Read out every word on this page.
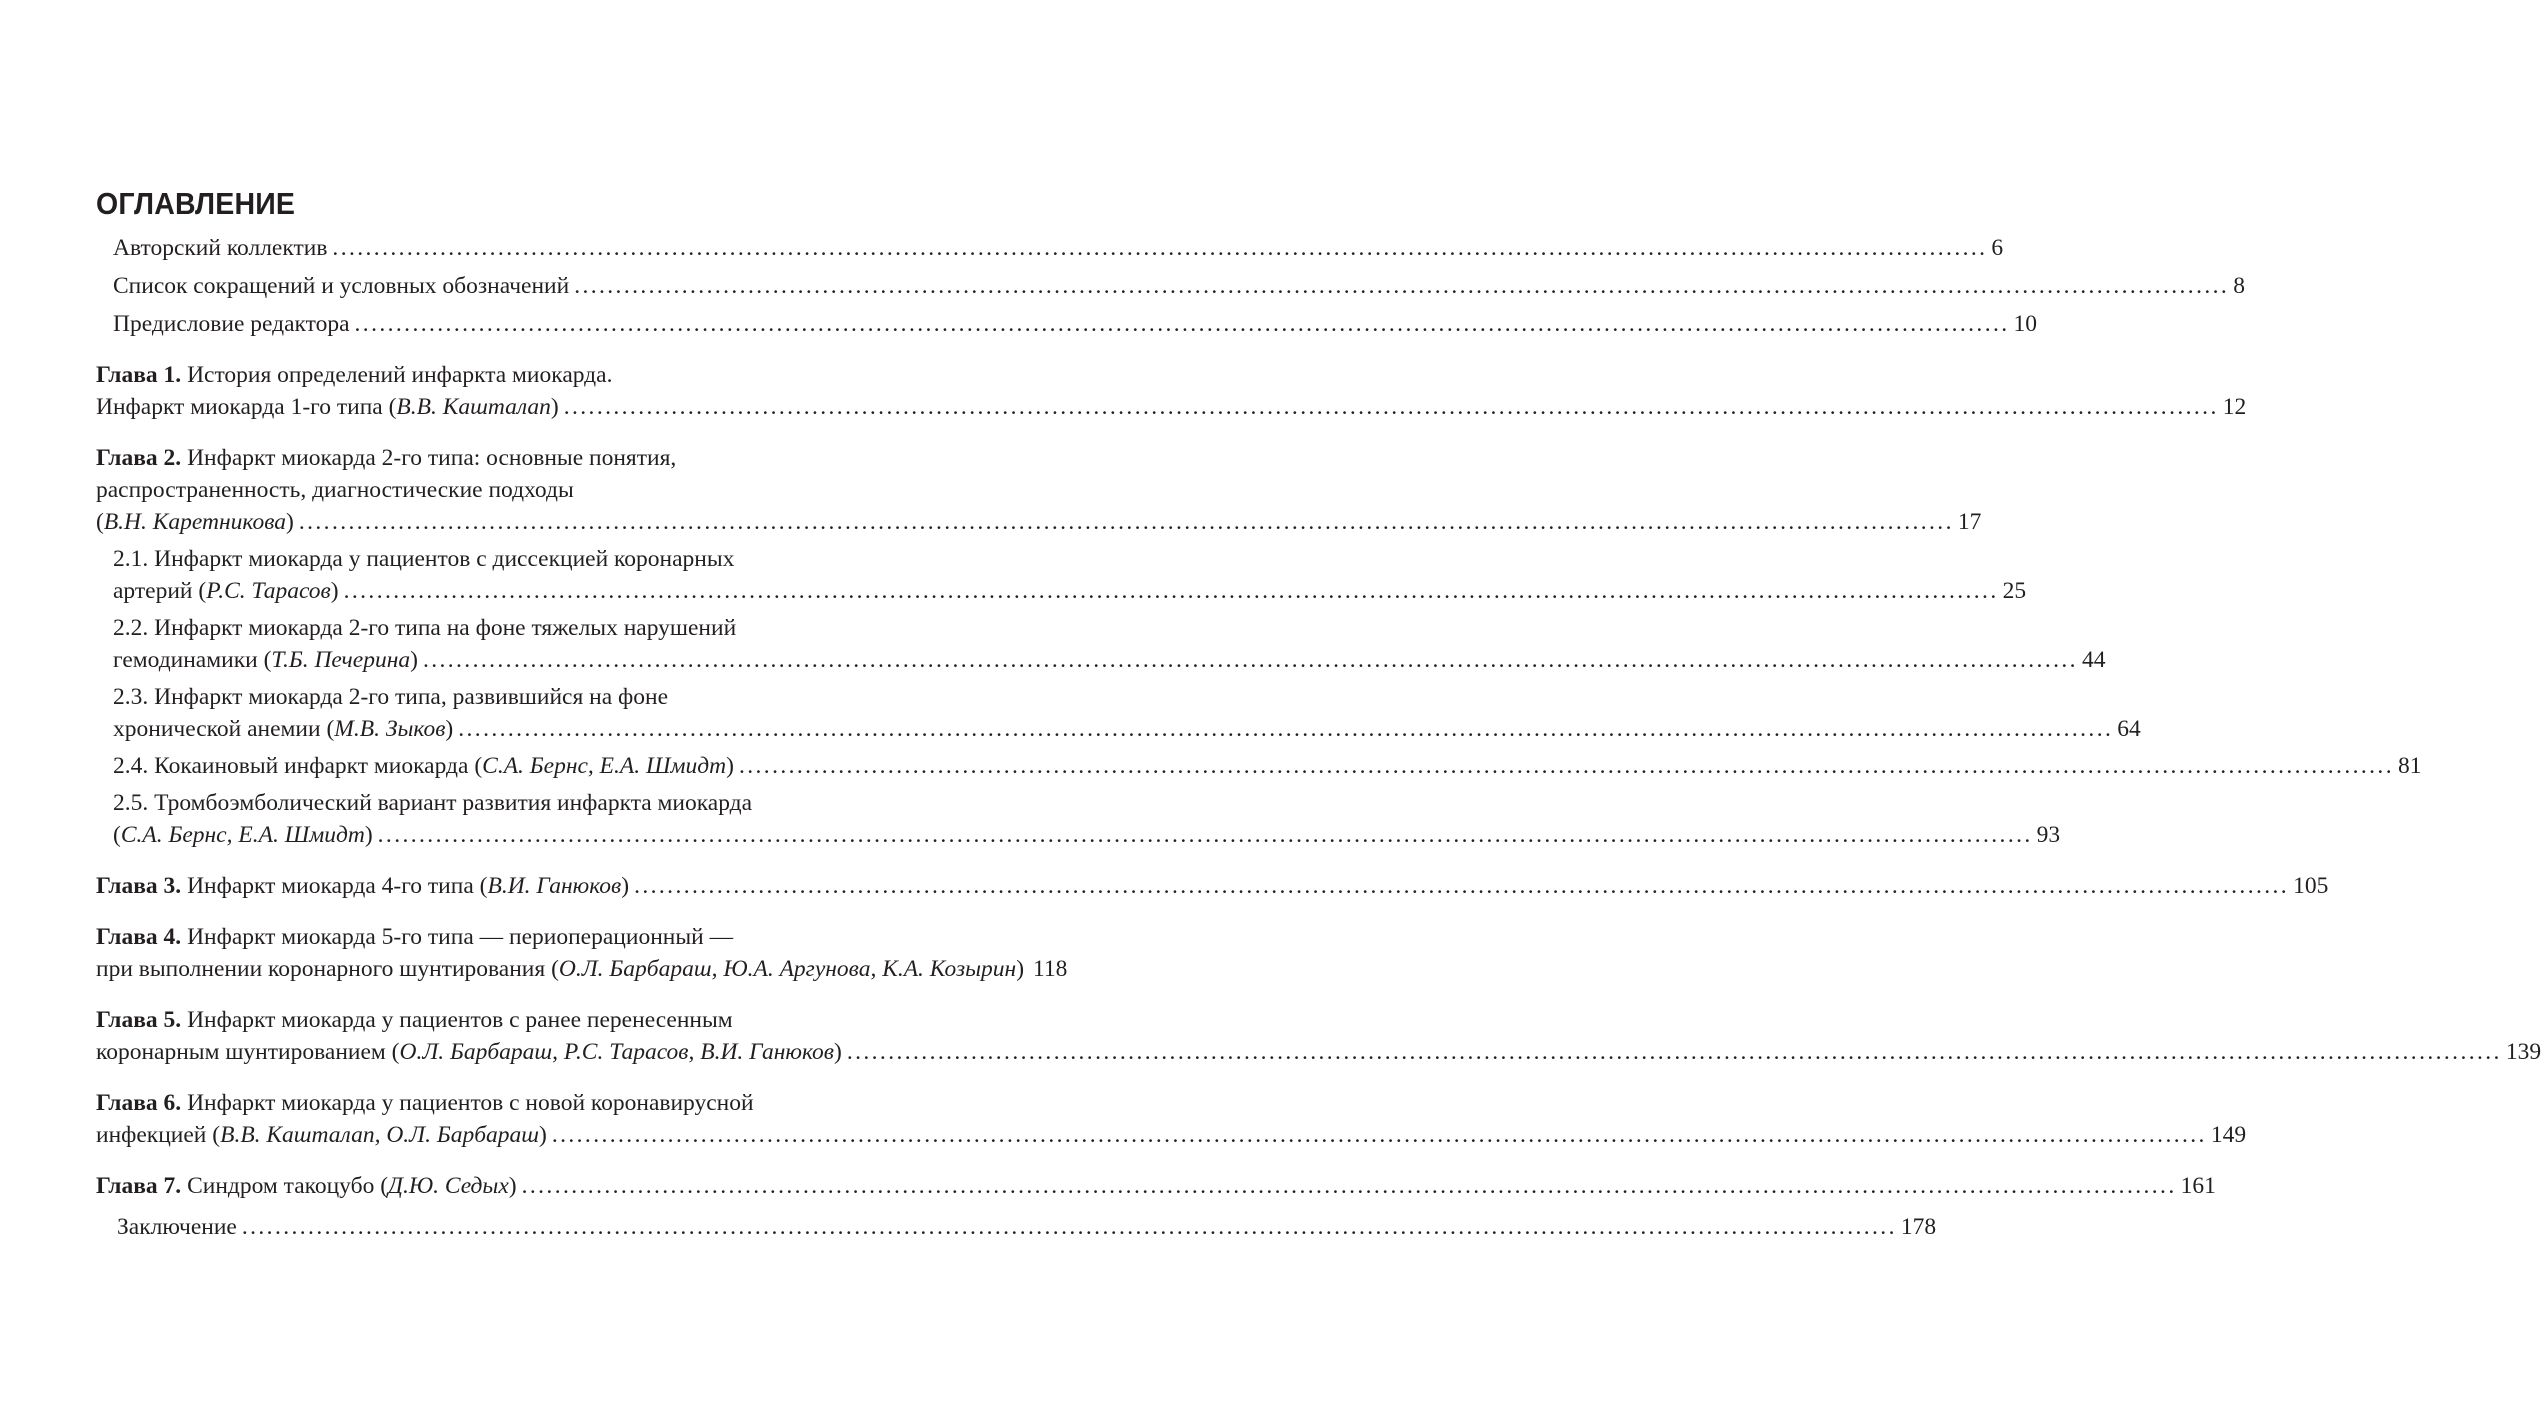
ОГЛАВЛЕНИЕ
Авторский коллектив ........................................................................................................................................................................................................ 6
Список сокращений и условных обозначений ........................................................................................................................................................................................................ 8
Предисловие редактора ........................................................................................................................................................................................................ 10
Глава 1. История определений инфаркта миокарда.
Инфаркт миокарда 1-го типа (В.В. Кашталап) ........................................................................................................................................................................................................ 12
Глава 2. Инфаркт миокарда 2-го типа: основные понятия,
распространенность, диагностические подходы
(В.Н. Каретникова) ........................................................................................................................................................................................................ 17
2.1. Инфаркт миокарда у пациентов с диссекцией коронарных
артерий (Р.С. Тарасов) ........................................................................................................................................................................................................ 25
2.2. Инфаркт миокарда 2-го типа на фоне тяжелых нарушений
гемодинамики (Т.Б. Печерина) ........................................................................................................................................................................................................ 44
2.3. Инфаркт миокарда 2-го типа, развившийся на фоне
хронической анемии (М.В. Зыков) ........................................................................................................................................................................................................ 64
2.4. Кокаиновый инфаркт миокарда (С.А. Бернс, Е.А. Шмидт) ........................................................................................................................................................................................................ 81
2.5. Тромбоэмболический вариант развития инфаркта миокарда
(С.А. Бернс, Е.А. Шмидт) ........................................................................................................................................................................................................ 93
Глава 3. Инфаркт миокарда 4-го типа (В.И. Ганюков) ........................................................................................................................................................................................................ 105
Глава 4. Инфаркт миокарда 5-го типа — периоперационный —
при выполнении коронарного шунтирования (О.Л. Барбараш, Ю.А. Аргунова, К.А. Козырин) 118
Глава 5. Инфаркт миокарда у пациентов с ранее перенесенным
коронарным шунтированием (О.Л. Барбараш, Р.С. Тарасов, В.И. Ганюков) ........................................................................................................................................................................................................ 139
Глава 6. Инфаркт миокарда у пациентов с новой коронавирусной
инфекцией (В.В. Кашталап, О.Л. Барбараш) ........................................................................................................................................................................................................ 149
Глава 7. Синдром такоцубо (Д.Ю. Седых) ........................................................................................................................................................................................................ 161
Заключение ........................................................................................................................................................................................................ 178
